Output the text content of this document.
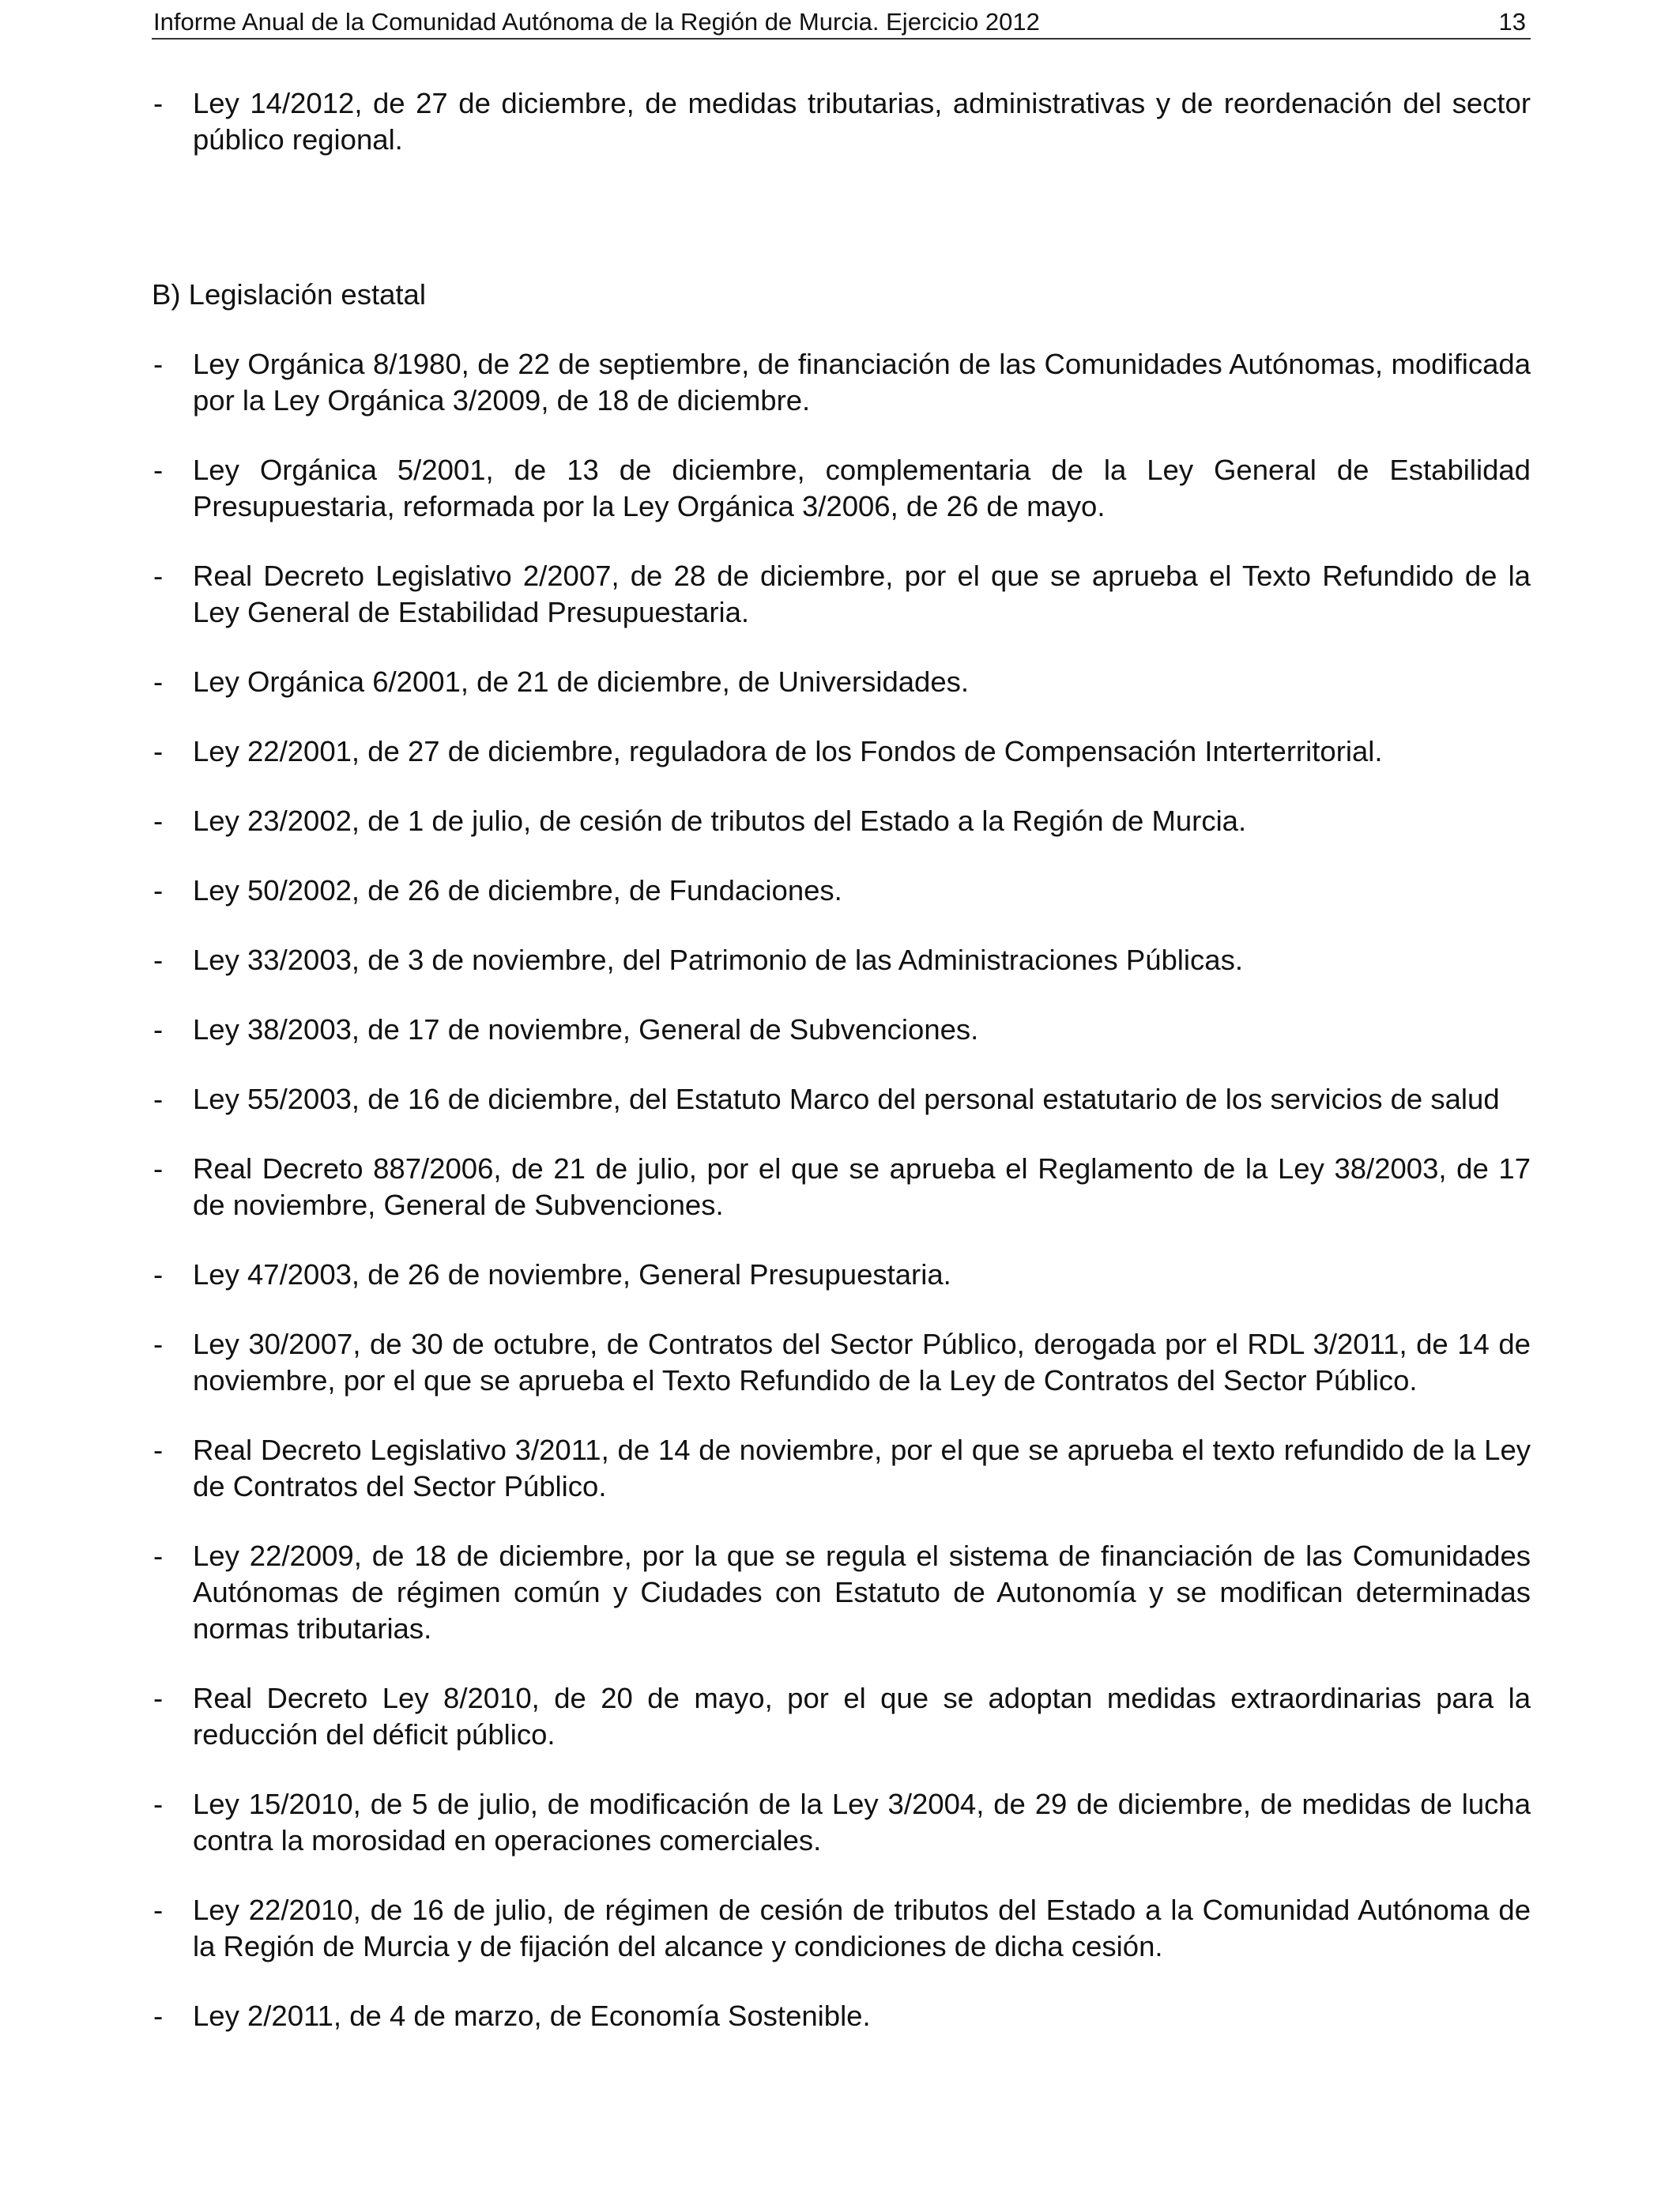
Informe Anual de la Comunidad Autónoma de la Región de Murcia. Ejercicio 2012	13
- Ley 14/2012, de 27 de diciembre, de medidas tributarias, administrativas y de reordenación del sector público regional.
B) Legislación estatal
- Ley Orgánica 8/1980, de 22 de septiembre, de financiación de las Comunidades Autónomas, modificada por la Ley Orgánica 3/2009, de 18 de diciembre.
- Ley Orgánica 5/2001, de 13 de diciembre, complementaria de la Ley General de Estabilidad Presupuestaria, reformada por la Ley Orgánica 3/2006, de 26 de mayo.
- Real Decreto Legislativo 2/2007, de 28 de diciembre, por el que se aprueba el Texto Refundido de la Ley General de Estabilidad Presupuestaria.
- Ley Orgánica 6/2001, de 21 de diciembre, de Universidades.
- Ley 22/2001, de 27 de diciembre, reguladora de los Fondos de Compensación Interterritorial.
- Ley 23/2002, de 1 de julio, de cesión de tributos del Estado a la Región de Murcia.
- Ley 50/2002, de 26 de diciembre, de Fundaciones.
- Ley 33/2003, de 3 de noviembre, del Patrimonio de las Administraciones Públicas.
- Ley 38/2003, de 17 de noviembre, General de Subvenciones.
- Ley 55/2003, de 16 de diciembre, del Estatuto Marco del personal estatutario de los servicios de salud
- Real Decreto 887/2006, de 21 de julio, por el que se aprueba el Reglamento de la Ley 38/2003, de 17 de noviembre, General de Subvenciones.
- Ley 47/2003, de 26 de noviembre, General Presupuestaria.
- Ley 30/2007, de 30 de octubre, de Contratos del Sector Público, derogada por el RDL 3/2011, de 14 de noviembre, por el que se aprueba el Texto Refundido de la Ley de Contratos del Sector Público.
- Real Decreto Legislativo 3/2011, de 14 de noviembre, por el que se aprueba el texto refundido de la Ley de Contratos del Sector Público.
- Ley 22/2009, de 18 de diciembre, por la que se regula el sistema de financiación de las Comunidades Autónomas de régimen común y Ciudades con Estatuto de Autonomía y se modifican determinadas normas tributarias.
- Real Decreto Ley 8/2010, de 20 de mayo, por el que se adoptan medidas extraordinarias para la reducción del déficit público.
- Ley 15/2010, de 5 de julio, de modificación de la Ley 3/2004, de 29 de diciembre, de medidas de lucha contra la morosidad en operaciones comerciales.
- Ley 22/2010, de 16 de julio, de régimen de cesión de tributos del Estado a la Comunidad Autónoma de la Región de Murcia y de fijación del alcance y condiciones de dicha cesión.
- Ley 2/2011, de 4 de marzo, de Economía Sostenible.
